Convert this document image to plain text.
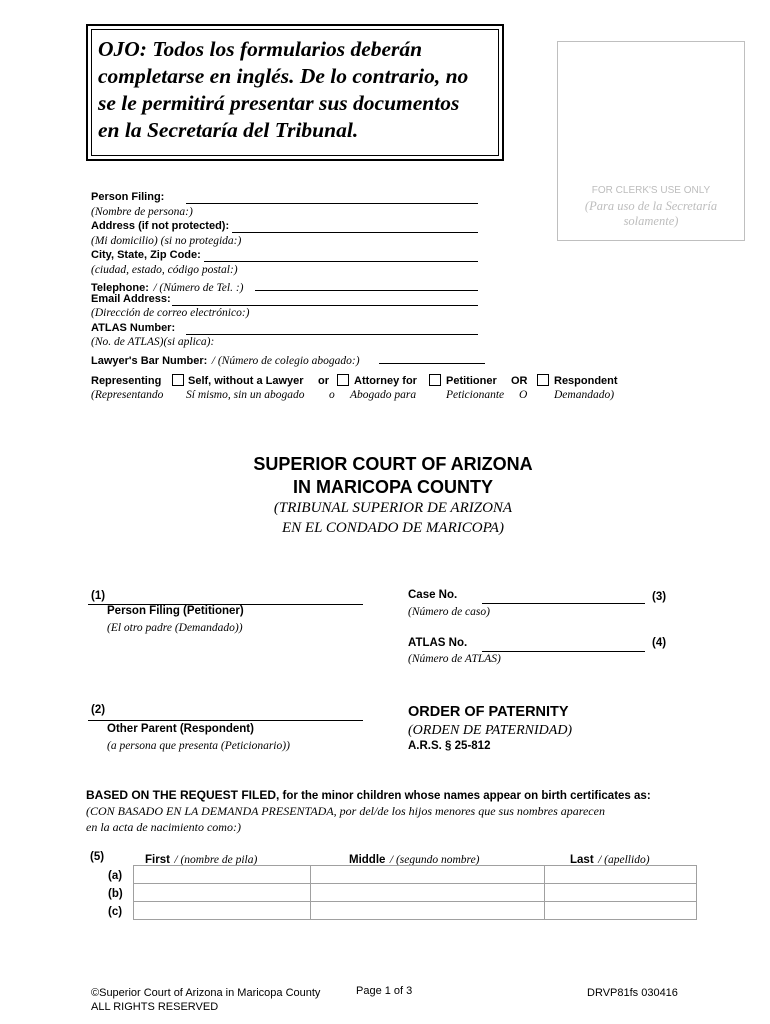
OJO: Todos los formularios deberán
completarse en inglés. De lo contrario, no
se le permitirá presentar sus documentos
en la Secretaría del Tribunal.
FOR CLERK'S USE ONLY
(Para uso de la Secretaría
solamente)
Person Filing:
(Nombre de persona:)
Address (if not protected):
(Mi domicilio) (si no protegida:)
City, State, Zip Code:
(ciudad, estado, código postal:)
Telephone: / (Número de Tel. :)
Email Address:
(Dirección de correo electrónico:)
ATLAS Number:
(No. de ATLAS)(si aplica):
Lawyer's Bar Number: / (Número de colegio abogado:)
Representing
(Representando
Self, without a Lawyer
Sí mismo, sin un abogado
or
o
Attorney for
Abogado para
Petitioner
Peticionante
OR
O
Respondent
Demandado)
SUPERIOR COURT OF ARIZONA
IN MARICOPA COUNTY
(TRIBUNAL SUPERIOR DE ARIZONA
EN EL CONDADO DE MARICOPA)
(1)
Person Filing (Petitioner)
(El otro padre (Demandado))
(2)
Other Parent (Respondent)
(a persona que presenta (Peticionario))
Case No.	(3)
(Número de caso)
ATLAS No.	(4)
(Número de ATLAS)
ORDER OF PATERNITY
(ORDEN DE PATERNIDAD)
A.R.S. § 25-812
BASED ON THE REQUEST FILED, for the minor children whose names appear on birth certificates as:
(CON BASADO EN LA DEMANDA PRESENTADA, por del/de los hijos menores que sus nombres aparecen
en la acta de nacimiento como:)
(5)	First / (nombre de pila)	Middle / (segundo nombre)	Last / (apellido)
(a)
(b)
(c)

©Superior Court of Arizona in Maricopa County
ALL RIGHTS RESERVED
Page 1 of 3	DRVP81fs 030416
